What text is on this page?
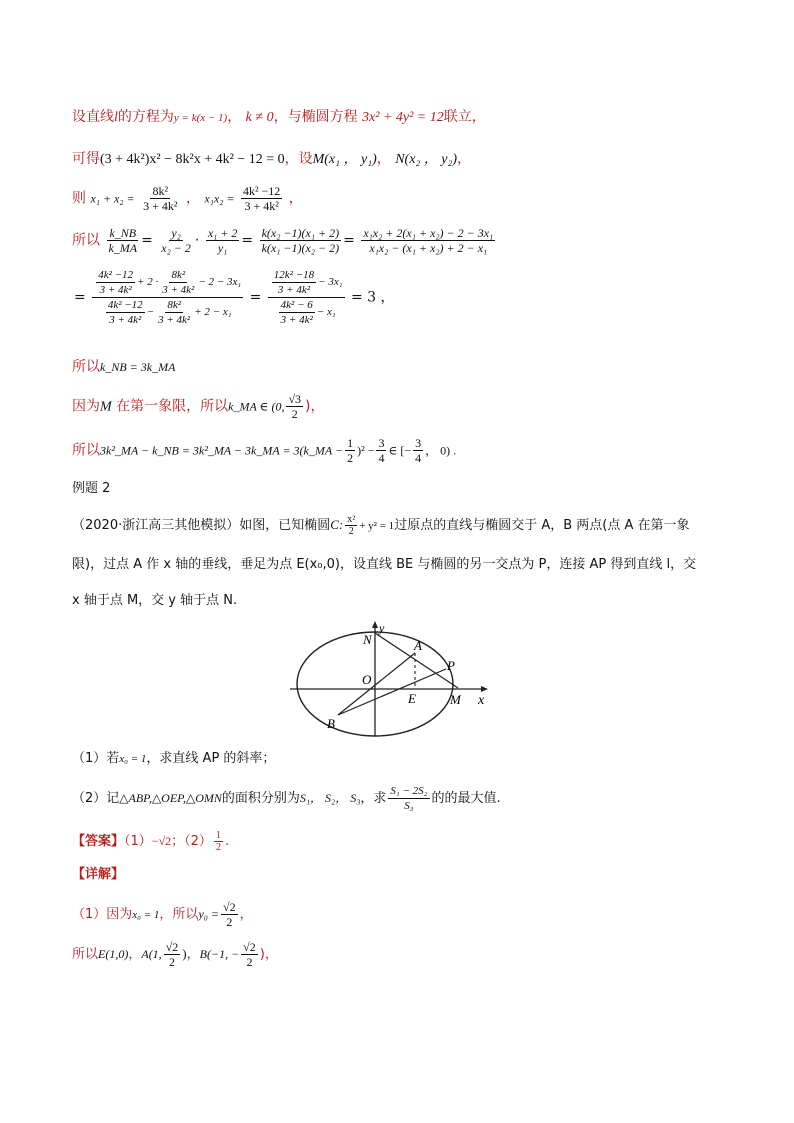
设直线l的方程为y = k(x − 1)， k ≠ 0，与椭圆方程 3x² + 4y² = 12联立，
可得(3 + 4k²)x² − 8k²x + 4k² − 12 = 0，设M(x₁ ， y₁)， N(x₂ ， y₂)，
则 $x_1 + x_2 = \frac{\text{8k²}}{\text{3 + 4k²}}$ ， $x_1x_2 = \frac{\text{4k² −12}}{\text{3 + 4k²}}$ ，
所以 $\frac{k\_NB}{k\_MA} = \frac{\text{y₂}}{\text{x₂ − 2}} \cdot \frac{\text{x₁ + 2}}{\text{y₁}} = \frac{\text{k(x₂ −1)(x₁ + 2)}}{\text{k(x₁ −1)(x₂ − 2)}} = \frac{\text{x₁x₂ + 2(x₁ + x₂) − 2 − 3x₁}}{\text{x₁x₂ − (x₁ + x₂) + 2 − x₁}}$
= $\frac{\frac{\text{4k² −12}}{\text{3 + 4k²}} + 2 \cdot \frac{\text{8k²}}{\text{3 + 4k²}} - 2 - 3x_1}{\frac{\text{4k² −12}}{\text{3 + 4k²}} - \frac{\text{8k²}}{\text{3 + 4k²}} + 2 - x_1} = \frac{\frac{\text{12k² −18}}{\text{3 + 4k²}} - 3x_1}{\frac{\text{4k² − 6}}{\text{3 + 4k²}} - x_1} = 3$ ，
所以k_NB = 3k_MA
因为M 在第一象限，所以k_MA ∈ (0, $\frac{√3}{2}$ )，
所以3k²_MA − k_NB = 3k²_MA − 3k_MA = 3(k_MA − $\frac{1}{2} )^2 - \frac{3}{4}$ ∈ [− $\frac{3}{4}$ ， 0) .
例题 2
（2020·浙江高三其他模拟）如图，已知椭圆C: $\frac{\text{x²}}{2} + y^2 = 1$过原点的直线与椭圆交于 A，B 两点(点 A 在第一象
限)，过点 A 作 x 轴的垂线，垂足为点 E(x₀,0)，设直线 BE 与椭圆的另一交点为 P，连接 AP 得到直线 l，交
x 轴于点 M，交 y 轴于点 N.
N
y
A
P
O
E	M x
B
（1）若x₀ = 1，求直线 AP 的斜率；
（2）记△ABP,△OEP,△OMN的面积分别为S₁， S₂， S₃，求 $\frac{\text{S₁ − 2S₂}}{\text{S₃}}$ 的的最大值.
【答案】（1）−√2；$(2) \frac{1}{2}$ .
【详解】
（1）因为x₀ = 1，所以$y_0 = \frac{√2}{2}$ ，
所以E(1,0)，A(1, $\frac{√2}{2}$ )，B(−1, − $\frac{√2}{2}$ )，
